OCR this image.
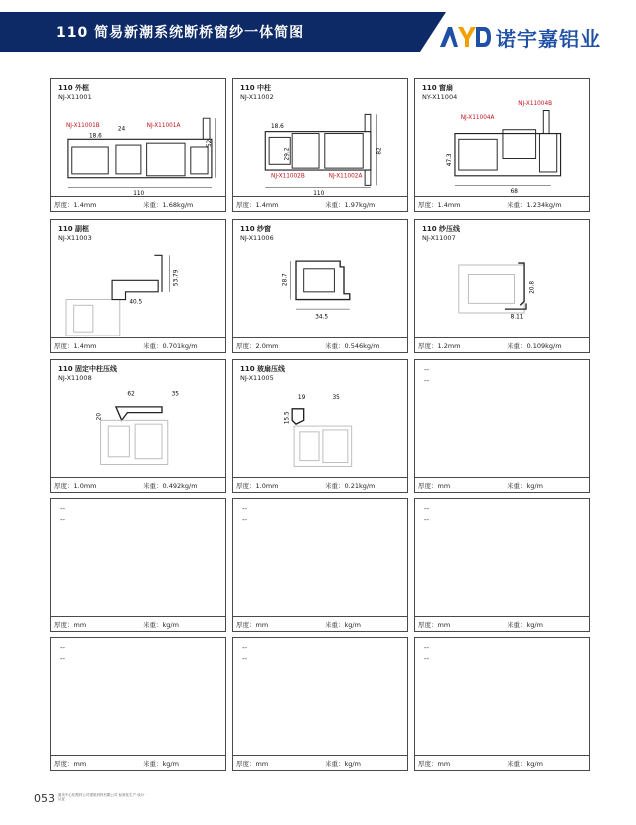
110 简易新潮系统断桥窗纱一体简图	诺宇嘉铝业
110 外框
NJ-X11001
NJ-X11001B	NJ-X11001A
18.6
24
52
110
厚度：1.4mm	米重：1.68kg/m
110 中柱
NJ-X11002
18.6
29.2	82
NJ-X11002B	NJ-X11002A
110
厚度：1.4mm	米重：1.97kg/m
110 窗扇
NY-X11004
NJ-X11004B
NJ-X11004A
47.3
68
厚度：1.4mm	米重：1.234kg/m
110 副框
NJ-X11003
53.79
40.5
厚度：1.4mm	米重：0.701kg/m
110 纱窗
NJ-X11006
28.7
34.5
厚度：2.0mm	米重：0.546kg/m
110 纱压线
NJ-X11007
20.8
8.11
厚度：1.2mm	米重：0.109kg/m
110 固定中柱压线
NJ-X11008
62	35
20
厚度：1.0mm	米重：0.492kg/m
110 玻扇压线
NJ-X11005
19	35
15.5
厚度：1.0mm	米重：0.21kg/m
--
--
厚度：mm	米重：kg/m
--
--
厚度：mm	米重：kg/m
--
--
厚度：mm	米重：kg/m
--
--
厚度：mm	米重：kg/m
--
--
厚度：mm	米重：kg/m
--
--
厚度：mm	米重：kg/m
--
--
厚度：mm	米重：kg/m
053 重庆中心铝型材公司建筑材料有限公司 标准化生产·设计 · 认证
